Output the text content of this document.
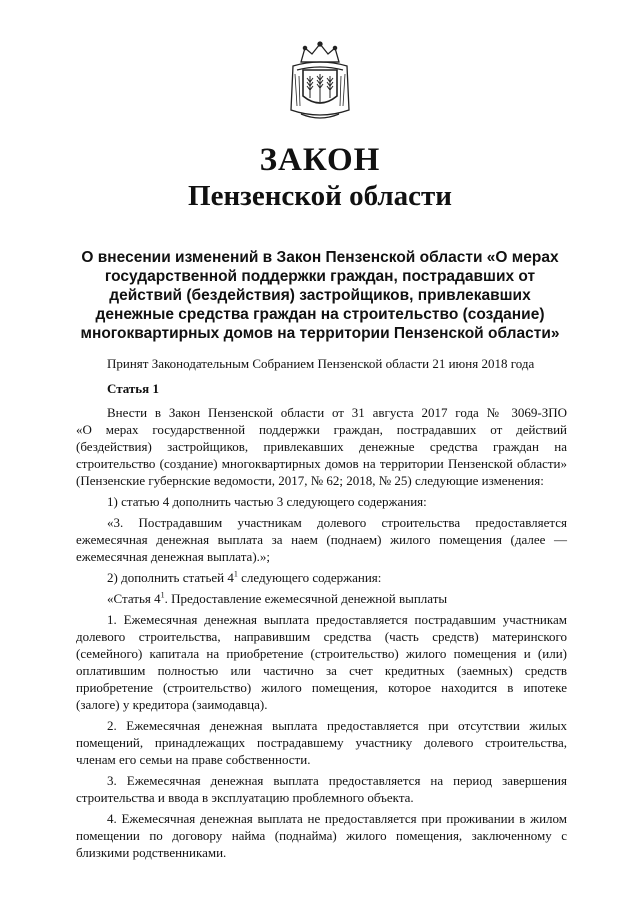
ЗАКОН
Пензенской области
О внесении изменений в Закон Пензенской области «О мерах
государственной поддержки граждан, пострадавших от
действий (бездействия) застройщиков, привлекавших
денежные средства граждан на строительство (создание)
многоквартирных домов на территории Пензенской области»
Принят Законодательным Собранием Пензенской области 21 июня 2018 года
Статья 1

Внести в Закон Пензенской области от 31 августа 2017 года № 3069-ЗПО
«О мерах государственной поддержки граждан, пострадавших от действий
(бездействия) застройщиков, привлекавших денежные средства граждан на
строительство (создание) многоквартирных домов на территории Пензенской области»
(Пензенские губернские ведомости, 2017, № 62; 2018, № 25) следующие изменения:

1) статью 4 дополнить частью 3 следующего содержания:

«3. Пострадавшим участникам долевого строительства предоставляется
ежемесячная денежная выплата за наем (поднаем) жилого помещения (далее —
ежемесячная денежная выплата).»;

2) дополнить статьей $4^1$ следующего содержания:

«Статья $4^1$. Предоставление ежемесячной денежной выплаты

1. Ежемесячная денежная выплата предоставляется пострадавшим участникам
долевого строительства, направившим средства (часть средств) материнского
(семейного) капитала на приобретение (строительство) жилого помещения и (или)
оплатившим полностью или частично за счет кредитных (заемных) средств
приобретение (строительство) жилого помещения, которое находится в ипотеке
(залоге) у кредитора (заимодавца).

2. Ежемесячная денежная выплата предоставляется при отсутствии жилых
помещений, принадлежащих пострадавшему участнику долевого строительства,
членам его семьи на праве собственности.

3. Ежемесячная денежная выплата предоставляется на период завершения
строительства и ввода в эксплуатацию проблемного объекта.

4. Ежемесячная денежная выплата не предоставляется при проживании в жилом
помещении по договору найма (поднайма) жилого помещения, заключенному с
близкими родственниками.
